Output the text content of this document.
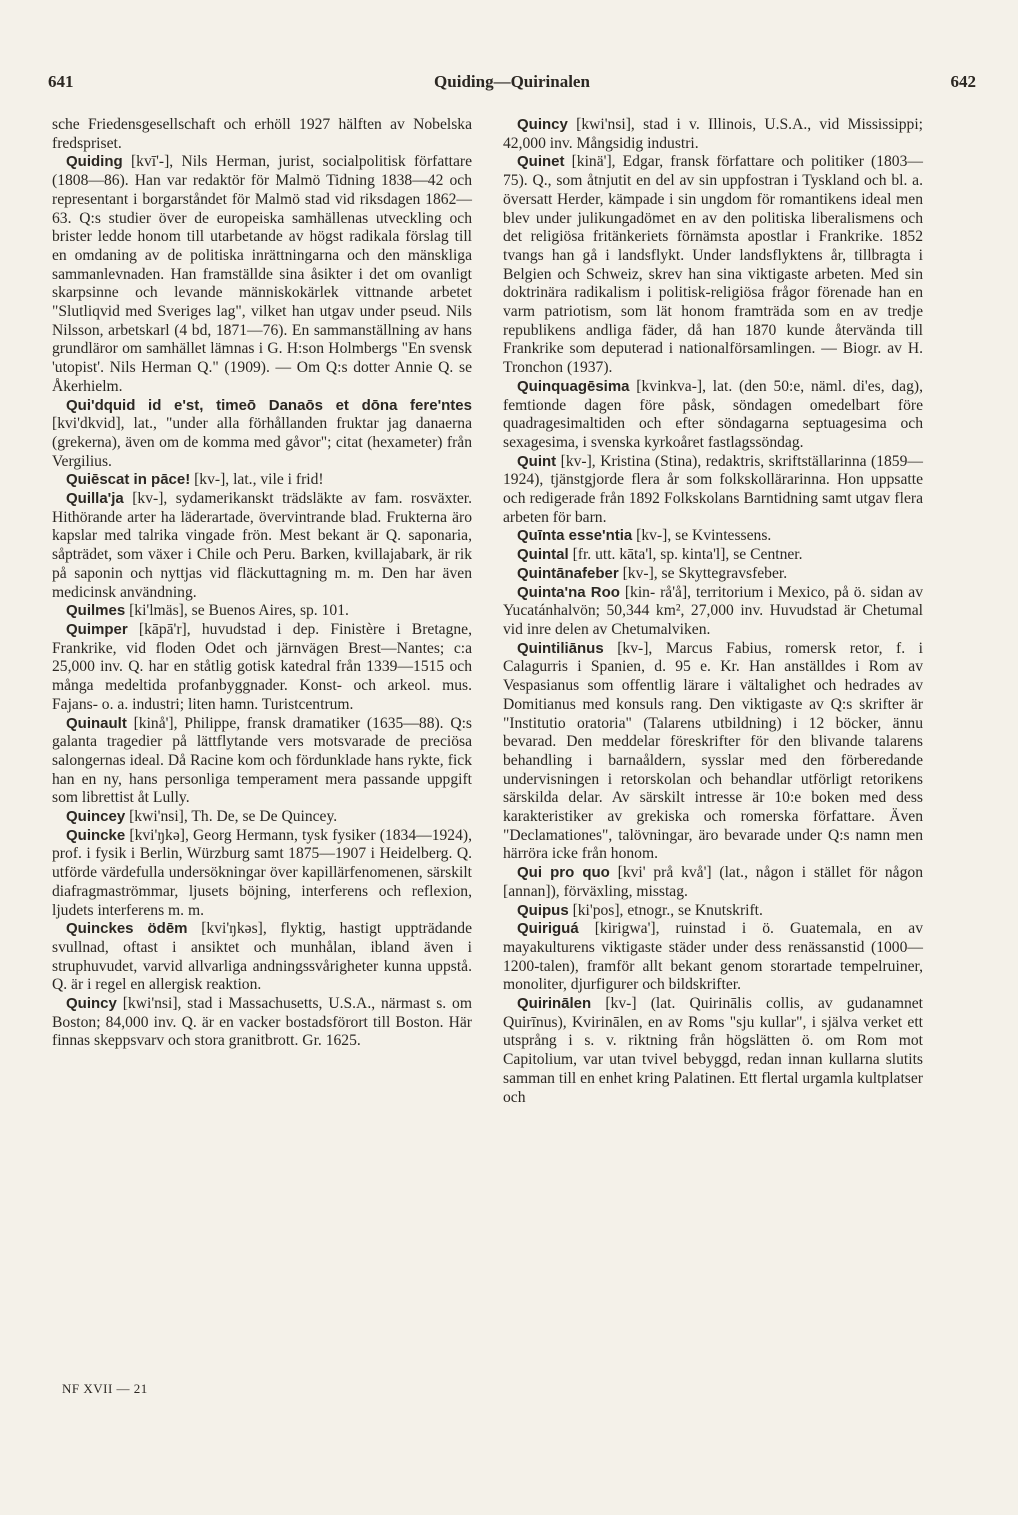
641	Quiding—Quirinalen	642

sche Friedensgesellschaft och erhöll 1927 hälften av Nobelska fredspriset.

Quiding [kvī'-], Nils Herman, jurist, socialpolitisk författare (1808—86). Han var redaktör för Malmö Tidning 1838—42 och representant i borgarståndet för Malmö stad vid riksdagen 1862—63. Q:s studier över de europeiska samhällenas utveckling och brister ledde honom till utarbetande av högst radikala förslag till en omdaning av de politiska inrättningarna och den mänskliga sammanlevnaden. Han framställde sina åsikter i det om ovanligt skarpsinne och levande människokärlek vittnande arbetet "Slutliqvid med Sveriges lag", vilket han utgav under pseud. Nils Nilsson, arbetskarl (4 bd, 1871—76). En sammanställning av hans grundläror om samhället lämnas i G. H:son Holmbergs "En svensk 'utopist'. Nils Herman Q." (1909). — Om Q:s dotter Annie Q. se Åkerhielm.

Qui'dquid id e'st, timeō Danaōs et dōna fere'ntes [kvi'dkvid], lat., "under alla förhållanden fruktar jag danaerna (grekerna), även om de komma med gåvor"; citat (hexameter) från Vergilius.

Quiēscat in pāce! [kv-], lat., vile i frid!

Quilla'ja [kv-], sydamerikanskt trädsläkte av fam. rosväxter. Hithörande arter ha läderartade, övervintrande blad. Frukterna äro kapslar med talrika vingade frön. Mest bekant är Q. saponaria, såpträdet, som växer i Chile och Peru. Barken, kvillajabark, är rik på saponin och nyttjas vid fläckuttagning m. m. Den har även medicinsk användning.

Quilmes [ki'lmäs], se Buenos Aires, sp. 101.

Quimper [kāpā'r], huvudstad i dep. Finistère i Bretagne, Frankrike, vid floden Odet och järnvägen Brest—Nantes; c:a 25,000 inv. Q. har en ståtlig gotisk katedral från 1339—1515 och många medeltida profanbyggnader. Konst- och arkeol. mus. Fajans- o. a. industri; liten hamn. Turistcentrum.

Quinault [kinå'], Philippe, fransk dramatiker (1635—88). Q:s galanta tragedier på lättflytande vers motsvarade de preciösa salongernas ideal. Då Racine kom och fördunklade hans rykte, fick han en ny, hans personliga temperament mera passande uppgift som librettist åt Lully.

Quincey [kwi'nsi], Th. De, se De Quincey.

Quincke [kvi'ŋkə], Georg Hermann, tysk fysiker (1834—1924), prof. i fysik i Berlin, Würzburg samt 1875—1907 i Heidelberg. Q. utförde värdefulla undersökningar över kapillärfenomenen, särskilt diafragmaströmmar, ljusets böjning, interferens och reflexion, ljudets interferens m. m.

Quinckes ödēm [kvi'ŋkəs], flyktig, hastigt uppträdande svullnad, oftast i ansiktet och munhålan, ibland även i struphuvudet, varvid allvarliga andningssvårigheter kunna uppstå. Q. är i regel en allergisk reaktion.

Quincy [kwi'nsi], stad i Massachusetts, U.S.A., närmast s. om Boston; 84,000 inv. Q. är en vacker bostadsförort till Boston. Här finnas skeppsvarv och stora granitbrott. Gr. 1625.

Quincy [kwi'nsi], stad i v. Illinois, U.S.A., vid Mississippi; 42,000 inv. Mångsidig industri.

Quinet [kinä'], Edgar, fransk författare och politiker (1803—75). Q., som åtnjutit en del av sin uppfostran i Tyskland och bl. a. översatt Herder, kämpade i sin ungdom för romantikens ideal men blev under julikungadömet en av den politiska liberalismens och det religiösa fritänkeriets förnämsta apostlar i Frankrike. 1852 tvangs han gå i landsflykt. Under landsflyktens år, tillbragta i Belgien och Schweiz, skrev han sina viktigaste arbeten. Med sin doktrinära radikalism i politisk-religiösa frågor förenade han en varm patriotism, som lät honom framträda som en av tredje republikens andliga fäder, då han 1870 kunde återvända till Frankrike som deputerad i nationalförsamlingen. — Biogr. av H. Tronchon (1937).

Quinquagēsima [kvinkva-], lat. (den 50:e, näml. di'es, dag), femtionde dagen före påsk, söndagen omedelbart före quadragesimaltiden och efter söndagarna septuagesima och sexagesima, i svenska kyrkoåret fastlagssöndag.

Quint [kv-], Kristina (Stina), redaktris, skriftställarinna (1859—1924), tjänstgjorde flera år som folkskollärarinna. Hon uppsatte och redigerade från 1892 Folkskolans Barntidning samt utgav flera arbeten för barn.

Quīnta esse'ntia [kv-], se Kvintessens.

Quintal [fr. utt. kāta'l, sp. kinta'l], se Centner.

Quintānafeber [kv-], se Skyttegravsfeber.

Quinta'na Roo [kin- rå'å], territorium i Mexico, på ö. sidan av Yucatánhalvön; 50,344 km², 27,000 inv. Huvudstad är Chetumal vid inre delen av Chetumalviken.

Quintiliānus [kv-], Marcus Fabius, romersk retor, f. i Calagurris i Spanien, d. 95 e. Kr. Han anställdes i Rom av Vespasianus som offentlig lärare i vältalighet och hedrades av Domitianus med konsuls rang. Den viktigaste av Q:s skrifter är "Institutio oratoria" (Talarens utbildning) i 12 böcker, ännu bevarad. Den meddelar föreskrifter för den blivande talarens behandling i barnaåldern, sysslar med den förberedande undervisningen i retorskolan och behandlar utförligt retorikens särskilda delar. Av särskilt intresse är 10:e boken med dess karakteristiker av grekiska och romerska författare. Även "Declamationes", talövningar, äro bevarade under Q:s namn men härröra icke från honom.

Qui pro quo [kvi' prå kvå'] (lat., någon i stället för någon [annan]), förväxling, misstag.

Quipus [ki'pos], etnogr., se Knutskrift.

Quiriguá [kirigwa'], ruinstad i ö. Guatemala, en av mayakulturens viktigaste städer under dess renässanstid (1000—1200-talen), framför allt bekant genom storartade tempelruiner, monoliter, djurfigurer och bildskrifter.

Quirinālen [kv-] (lat. Quirinālis collis, av gudanamnet Quirīnus), Kvirinālen, en av Roms "sju kullar", i själva verket ett utsprång i s. v. riktning från högslätten ö. om Rom mot Capitolium, var utan tvivel bebyggd, redan innan kullarna slutits samman till en enhet kring Palatinen. Ett flertal urgamla kultplatser och

NF XVII — 21
